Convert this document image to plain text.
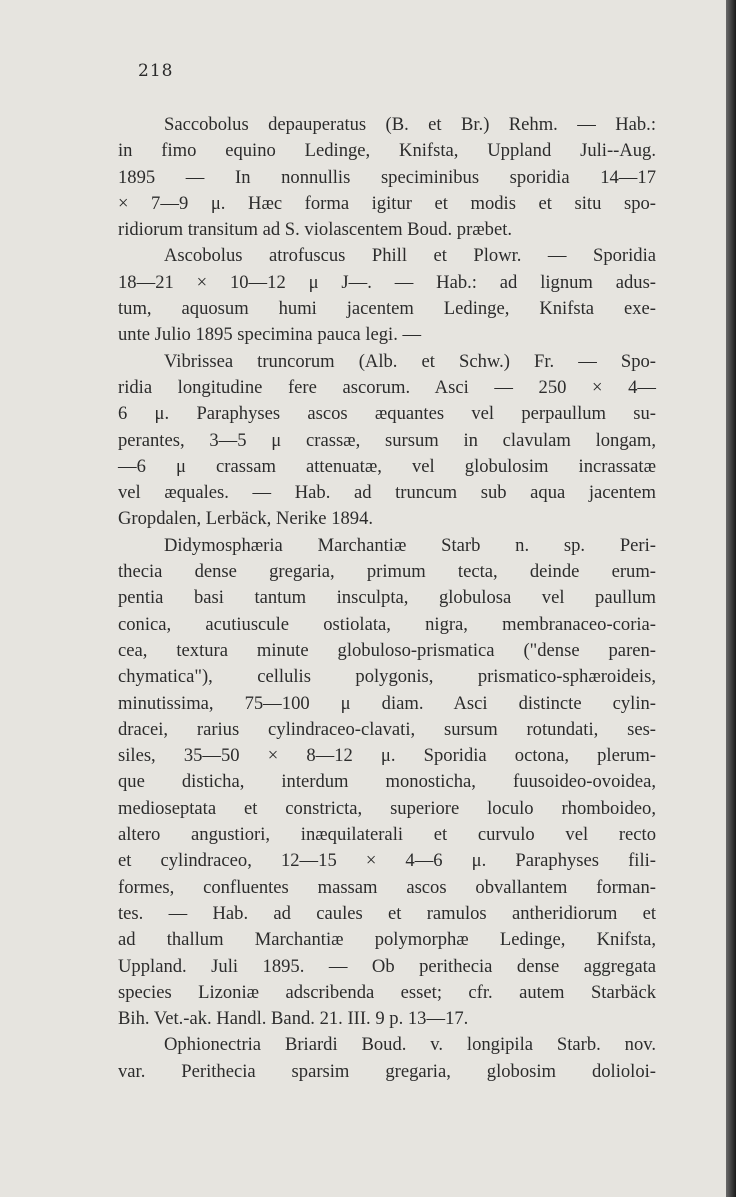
218
Saccobolus depauperatus (B. et Br.) Rehm. — Hab.:
in fimo equino Ledinge, Knifsta, Uppland Juli--Aug.
1895 — In nonnullis speciminibus sporidia 14—17
× 7—9 μ. Hæc forma igitur et modis et situ spo-
ridiorum transitum ad S. violascentem Boud. præbet.
Ascobolus atrofuscus Phill et Plowr. — Sporidia
18—21 × 10—12 μ J—. — Hab.: ad lignum adus-
tum, aquosum humi jacentem Ledinge, Knifsta exe-
unte Julio 1895 specimina pauca legi. —
Vibrissea truncorum (Alb. et Schw.) Fr. — Spo-
ridia longitudine fere ascorum. Asci — 250 × 4—
6 μ. Paraphyses ascos æquantes vel perpaullum su-
perantes, 3—5 μ crassæ, sursum in clavulam longam,
—6 μ crassam attenuatæ, vel globulosim incrassatæ
vel æquales. — Hab. ad truncum sub aqua jacentem
Gropdalen, Lerbäck, Nerike 1894.
Didymosphæria Marchantiæ Starb n. sp. Peri-
thecia dense gregaria, primum tecta, deinde erum-
pentia basi tantum insculpta, globulosa vel paullum
conica, acutiuscule ostiolata, nigra, membranaceo-coria-
cea, textura minute globuloso-prismatica ("dense paren-
chymatica"), cellulis polygonis, prismatico-sphæroideis,
minutissima, 75—100 μ diam. Asci distincte cylin-
dracei, rarius cylindraceo-clavati, sursum rotundati, ses-
siles, 35—50 × 8—12 μ. Sporidia octona, plerum-
que disticha, interdum monosticha, fuusoideo-ovoidea,
medioseptata et constricta, superiore loculo rhomboideo,
altero angustiori, inæquilaterali et curvulo vel recto
et cylindraceo, 12—15 × 4—6 μ. Paraphyses fili-
formes, confluentes massam ascos obvallantem forman-
tes. — Hab. ad caules et ramulos antheridiorum et
ad thallum Marchantiæ polymorphæ Ledinge, Knifsta,
Uppland. Juli 1895. — Ob perithecia dense aggregata
species Lizoniæ adscribenda esset; cfr. autem Starbäck
Bih. Vet.-ak. Handl. Band. 21. III. 9 p. 13—17.
Ophionectria Briardi Boud. v. longipila Starb. nov.
var. Perithecia sparsim gregaria, globosim dolioloi-
